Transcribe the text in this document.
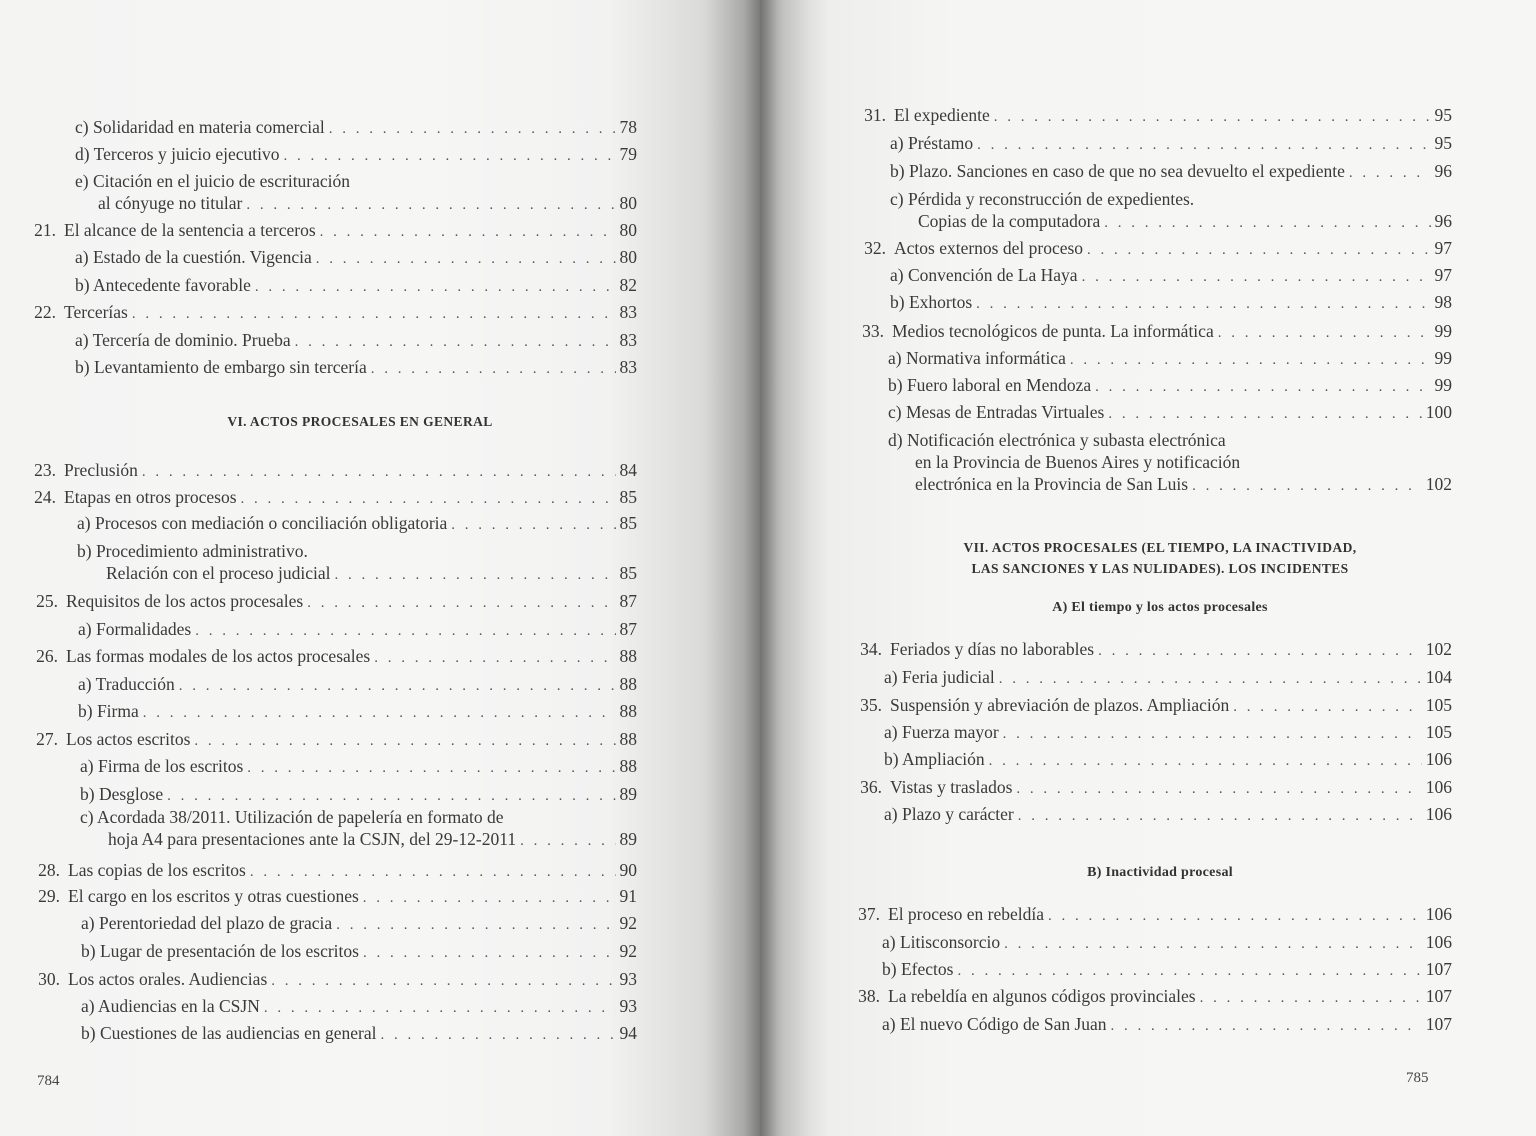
c) Solidaridad en materia comercial . . .	78
d) Terceros y juicio ejecutivo . . .	79
e) Citación en el juicio de escrituración
al cónyuge no titular . . .	80
21. El alcance de la sentencia a terceros . . .	80
a) Estado de la cuestión. Vigencia . . .	80
b) Antecedente favorable . . .	82
22. Tercerías . . .	83
a) Tercería de dominio. Prueba . . .	83
b) Levantamiento de embargo sin tercería . . .	83
23. Preclusión . . .	84
24. Etapas en otros procesos . . .	85
a) Procesos con mediación o conciliación obligatoria . . .	85
b) Procedimiento administrativo.
Relación con el proceso judicial . . .	85
25. Requisitos de los actos procesales . . .	87
a) Formalidades . . .	87
26. Las formas modales de los actos procesales . . .	88
a) Traducción . . .	88
b) Firma . . .	88
27. Los actos escritos . . .	88
a) Firma de los escritos . . .	88
b) Desglose . . .	89
c) Acordada 38/2011. Utilización de papelería en formato de
hoja A4 para presentaciones ante la CSJN, del 29-12-2011 . . .	89
28. Las copias de los escritos . . .	90
29. El cargo en los escritos y otras cuestiones . . .	91
a) Perentoriedad del plazo de gracia . . .	92
b) Lugar de presentación de los escritos . . .	92
30. Los actos orales. Audiencias . . .	93
a) Audiencias en la CSJN . . .	93
b) Cuestiones de las audiencias en general . . .	94
VI. ACTOS PROCESALES EN GENERAL
784
31. El expediente . . .	95
a) Préstamo . . .	95
b) Plazo. Sanciones en caso de que no sea devuelto el expediente . . .	96
c) Pérdida y reconstrucción de expedientes.
Copias de la computadora . . .	96
32. Actos externos del proceso . . .	97
a) Convención de La Haya . . .	97
b) Exhortos . . .	98
33. Medios tecnológicos de punta. La informática . . .	99
a) Normativa informática . . .	99
b) Fuero laboral en Mendoza . . .	99
c) Mesas de Entradas Virtuales . . .	100
d) Notificación electrónica y subasta electrónica
en la Provincia de Buenos Aires y notificación
electrónica en la Provincia de San Luis . . .	102
34. Feriados y días no laborables . . .	102
a) Feria judicial . . .	104
35. Suspensión y abreviación de plazos. Ampliación . . .	105
a) Fuerza mayor . . .	105
b) Ampliación . . .	106
36. Vistas y traslados . . .	106
a) Plazo y carácter . . .	106
37. El proceso en rebeldía . . .	106
a) Litisconsorcio . . .	106
b) Efectos . . .	107
38. La rebeldía en algunos códigos provinciales . . .	107
a) El nuevo Código de San Juan . . .	107
VII. ACTOS PROCESALES (EL TIEMPO, LA INACTIVIDAD,
LAS SANCIONES Y LAS NULIDADES). LOS INCIDENTES
A) El tiempo y los actos procesales
B) Inactividad procesal
785
